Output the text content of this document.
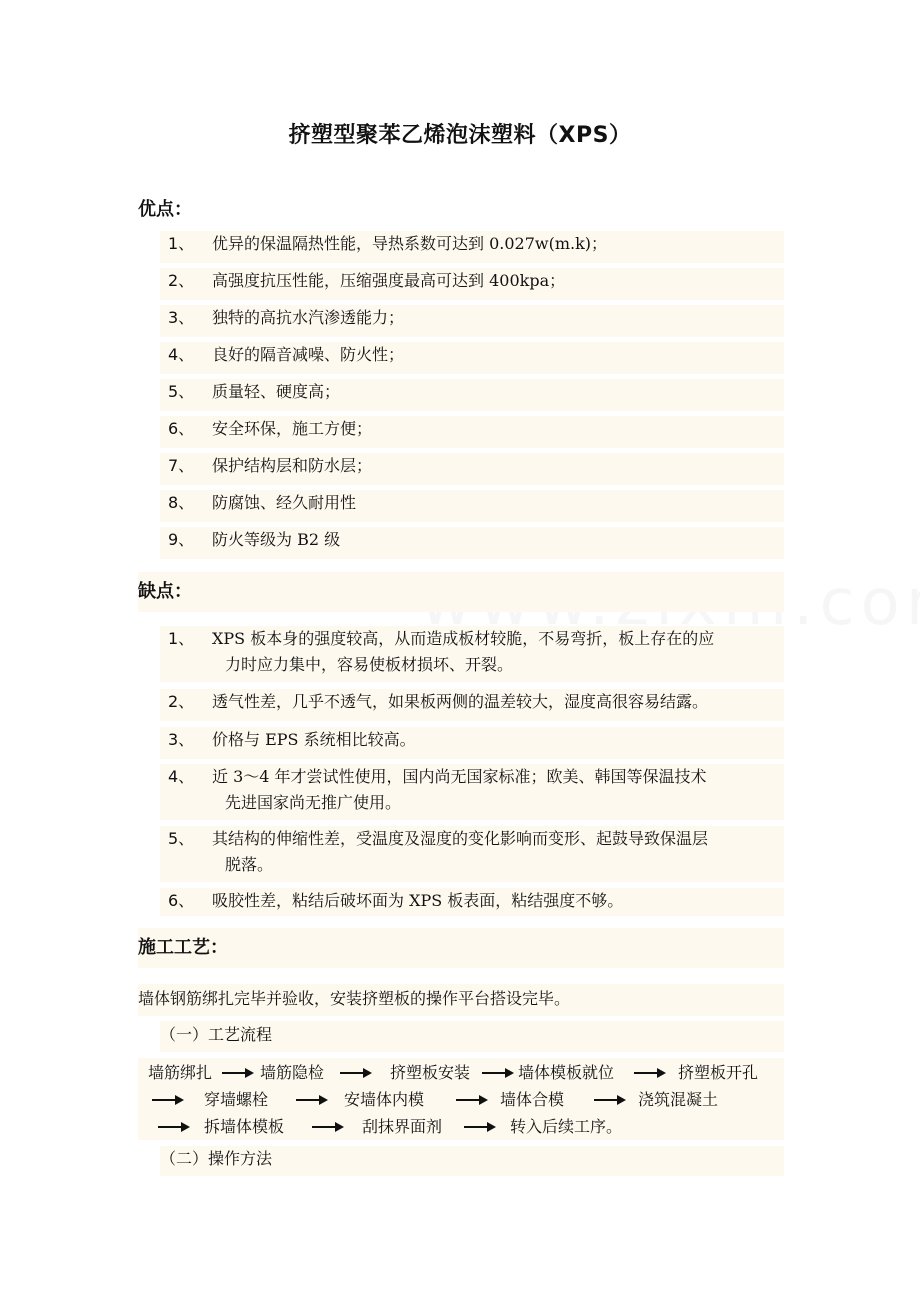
挤塑型聚苯乙烯泡沫塑料（XPS）
优点：
1、 优异的保温隔热性能，导热系数可达到 0.027w(m.k)；
2、 高强度抗压性能，压缩强度最高可达到 400kpa；
3、 独特的高抗水汽渗透能力；
4、 良好的隔音减噪、防火性；
5、 质量轻、硬度高；
6、 安全环保，施工方便；
7、 保护结构层和防水层；
8、 防腐蚀、经久耐用性
9、 防火等级为 B2 级
缺点：
1、 XPS 板本身的强度较高，从而造成板材较脆，不易弯折，板上存在的应
力时应力集中，容易使板材损坏、开裂。
2、 透气性差，几乎不透气，如果板两侧的温差较大，湿度高很容易结露。
3、 价格与 EPS 系统相比较高。
4、 近 3～4 年才尝试性使用，国内尚无国家标准；欧美、韩国等保温技术
先进国家尚无推广使用。
5、 其结构的伸缩性差，受温度及湿度的变化影响而变形、起鼓导致保温层
脱落。
6、 吸胶性差，粘结后破坏面为 XPS 板表面，粘结强度不够。
施工工艺：
墙体钢筋绑扎完毕并验收，安装挤塑板的操作平台搭设完毕。
（一）工艺流程
墙筋绑扎	墙筋隐检	挤塑板安装	墙体模板就位	挤塑板开孔
穿墙螺栓	安墙体内模	墙体合模	浇筑混凝土
拆墙体模板	刮抹界面剂	转入后续工序。
（二）操作方法
